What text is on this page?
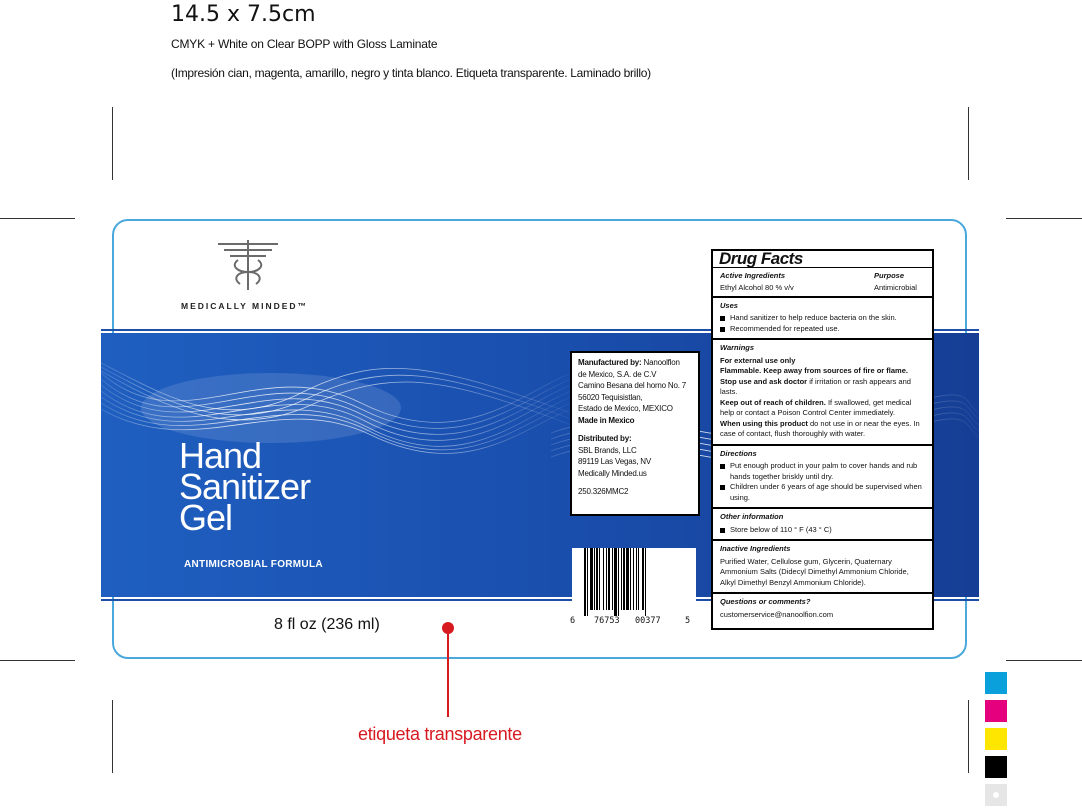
14.5 x 7.5cm
CMYK + White on Clear BOPP with Gloss Laminate
(Impresión cian, magenta, amarillo, negro y tinta blanco. Etiqueta transparente. Laminado brillo)
MEDICALLY MINDED™
Hand
Sanitizer
Gel
ANTIMICROBIAL FORMULA
8 fl oz (236 ml)
Manufactured by: Nanoolflon
de Mexico, S.A. de C.V
Camino Besana del horno No. 7
56020 Tequisistlan,
Estado de Mexico, MEXICO
Made in Mexico
Distributed by:
SBL Brands, LLC
89119 Las Vegas, NV
Medically Minded.us
250.326MMC2
6 76753 00377	5
Drug Facts
Active Ingredients	Purpose
Ethyl Alcohol 80 % v/v	Antimicrobial
Uses
Hand sanitizer to help reduce bacteria on the skin.
Recommended for repeated use.
Warnings
For external use only
Flammable. Keep away from sources of fire or flame.
Stop use and ask doctor if irritation or rash appears and lasts.
Keep out of reach of children. If swallowed, get medical help or contact a Poison Control Center immediately.
When using this product do not use in or near the eyes. In case of contact, flush thoroughly with water.
Directions
Put enough product in your palm to cover hands and rub hands together briskly until dry.
Children under 6 years of age should be supervised when using.
Other information
Store below of 110 ° F (43 ° C)
Inactive Ingredients
Purified Water, Cellulose gum, Glycerin, Quaternary Ammonium Salts (Didecyl Dimethyl Ammonium Chloride, Alkyl Dimethyl Benzyl Ammonium Chloride).
Questions or comments?
customerservice@nanoolfion.com
etiqueta transparente
